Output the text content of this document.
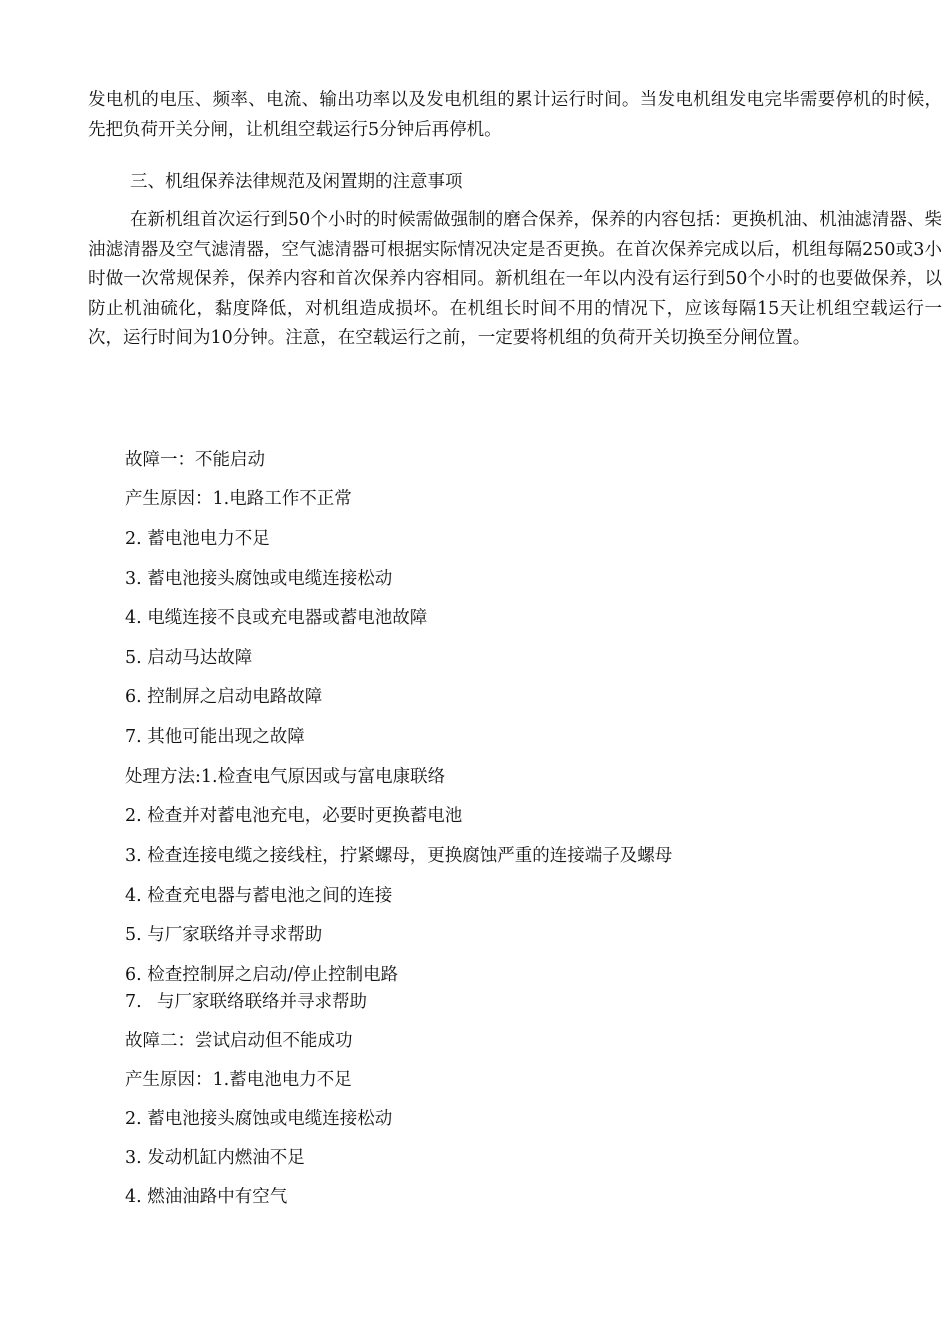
发电机的电压、频率、电流、输出功率以及发电机组的累计运行时间。当发电机组发电完毕需要停机的时候，先把负荷开关分闸，让机组空载运行5分钟后再停机。

三、机组保养法律规范及闲置期的注意事项

在新机组首次运行到50个小时的时候需做强制的磨合保养，保养的内容包括：更换机油、机油滤清器、柴油滤清器及空气滤清器，空气滤清器可根据实际情况决定是否更换。在首次保养完成以后，机组每隔250或3小时做一次常规保养，保养内容和首次保养内容相同。新机组在一年以内没有运行到50个小时的也要做保养，以防止机油硫化，黏度降低，对机组造成损坏。在机组长时间不用的情况下，应该每隔15天让机组空载运行一次，运行时间为10分钟。注意，在空载运行之前，一定要将机组的负荷开关切换至分闸位置。

故障一：不能启动

产生原因：1.电路工作不正常

2. 蓄电池电力不足

3. 蓄电池接头腐蚀或电缆连接松动

4. 电缆连接不良或充电器或蓄电池故障

5. 启动马达故障

6. 控制屏之启动电路故障

7. 其他可能出现之故障

处理方法:1.检查电气原因或与富电康联络

2. 检查并对蓄电池充电，必要时更换蓄电池

3. 检查连接电缆之接线柱，拧紧螺母，更换腐蚀严重的连接端子及螺母

4. 检查充电器与蓄电池之间的连接

5. 与厂家联络并寻求帮助

6. 检查控制屏之启动/停止控制电路

7. 与厂家联络联络并寻求帮助

故障二：尝试启动但不能成功

产生原因：1.蓄电池电力不足

2. 蓄电池接头腐蚀或电缆连接松动

3. 发动机缸内燃油不足

4. 燃油油路中有空气
